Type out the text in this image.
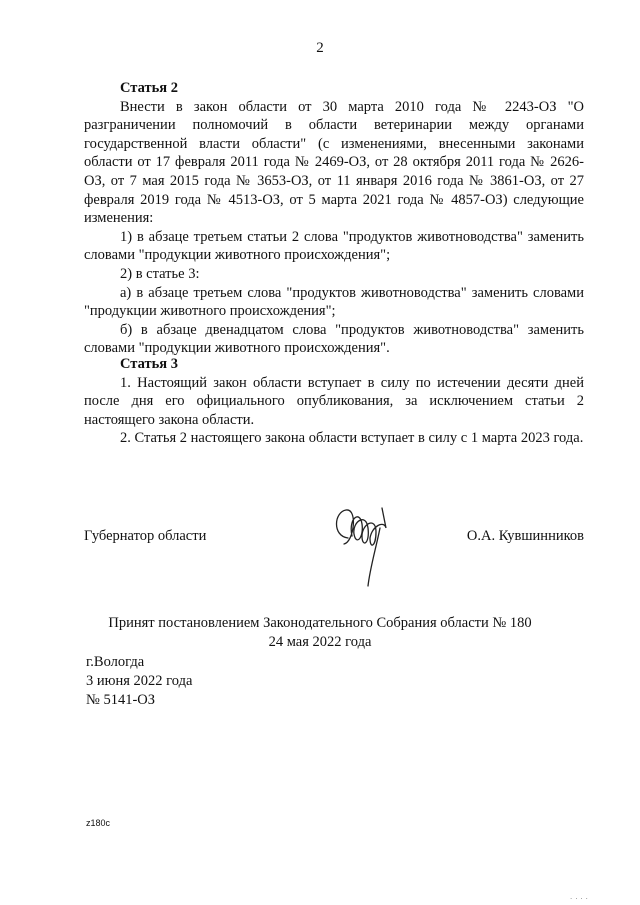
2
Статья 2

Внести в закон области от 30 марта 2010 года № 2243-ОЗ "О разграничении полномочий в области ветеринарии между органами государственной власти области" (с изменениями, внесенными законами области от 17 февраля 2011 года № 2469-ОЗ, от 28 октября 2011 года № 2626-ОЗ, от 7 мая 2015 года № 3653-ОЗ, от 11 января 2016 года № 3861-ОЗ, от 27 февраля 2019 года № 4513-ОЗ, от 5 марта 2021 года № 4857-ОЗ) следующие изменения:

1) в абзаце третьем статьи 2 слова "продуктов животноводства" заменить словами "продукции животного происхождения";

2) в статье 3:

а) в абзаце третьем слова "продуктов животноводства" заменить словами "продукции животного происхождения";

б) в абзаце двенадцатом слова "продуктов животноводства" заменить словами "продукции животного происхождения".

Статья 3

1. Настоящий закон области вступает в силу по истечении десяти дней после дня его официального опубликования, за исключением статьи 2 настоящего закона области.

2. Статья 2 настоящего закона области вступает в силу с 1 марта 2023 года.

Губернатор области	О.А. Кувшинников
Принят постановлением Законодательного Собрания области № 180
24 мая 2022 года
г.Вологда
3 июня 2022 года
№ 5141-ОЗ
z180c
....
